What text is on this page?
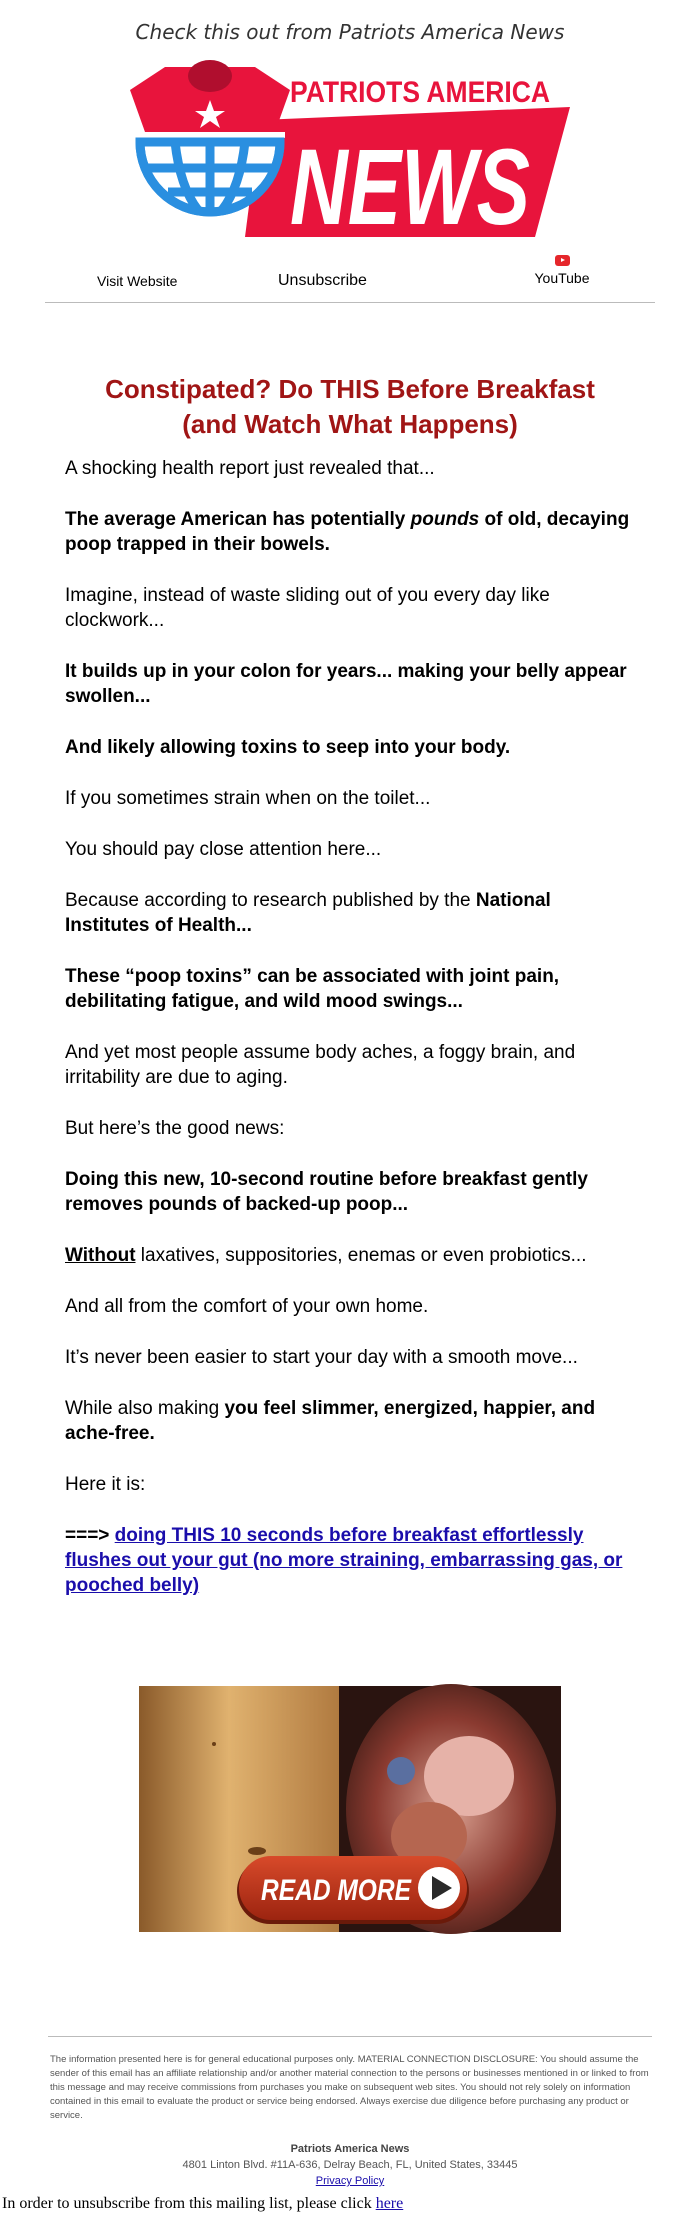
Check this out from Patriots America News
NEWS
PATRIOTS AMERICA
Visit Website	Unsubscribe	YouTube
Constipated? Do THIS Before Breakfast
(and Watch What Happens)

A shocking health report just revealed that...

The average American has potentially pounds of old, decaying poop trapped in their bowels.

Imagine, instead of waste sliding out of you every day like clockwork...

It builds up in your colon for years... making your belly appear swollen...

And likely allowing toxins to seep into your body.

If you sometimes strain when on the toilet...

You should pay close attention here...

Because according to research published by the National Institutes of Health...

These “poop toxins” can be associated with joint pain, debilitating fatigue, and wild mood swings...

And yet most people assume body aches, a foggy brain, and irritability are due to aging.

But here’s the good news:

Doing this new, 10-second routine before breakfast gently removes pounds of backed-up poop...

Without laxatives, suppositories, enemas or even probiotics...

And all from the comfort of your own home.

It’s never been easier to start your day with a smooth move...

While also making you feel slimmer, energized, happier, and ache-free.

Here it is:

===> doing THIS 10 seconds before breakfast effortlessly flushes out your gut (no more straining, embarrassing gas, or pooched belly)

READ MORE
The information presented here is for general educational purposes only. MATERIAL CONNECTION DISCLOSURE: You should assume the sender of this email has an affiliate relationship and/or another material connection to the persons or businesses mentioned in or linked to from this message and may receive commissions from purchases you make on subsequent web sites. You should not rely solely on information contained in this email to evaluate the product or service being endorsed. Always exercise due diligence before purchasing any product or service.
Patriots America News
4801 Linton Blvd. #11A-636, Delray Beach, FL, United States, 33445
Privacy Policy
In order to unsubscribe from this mailing list, please click here
